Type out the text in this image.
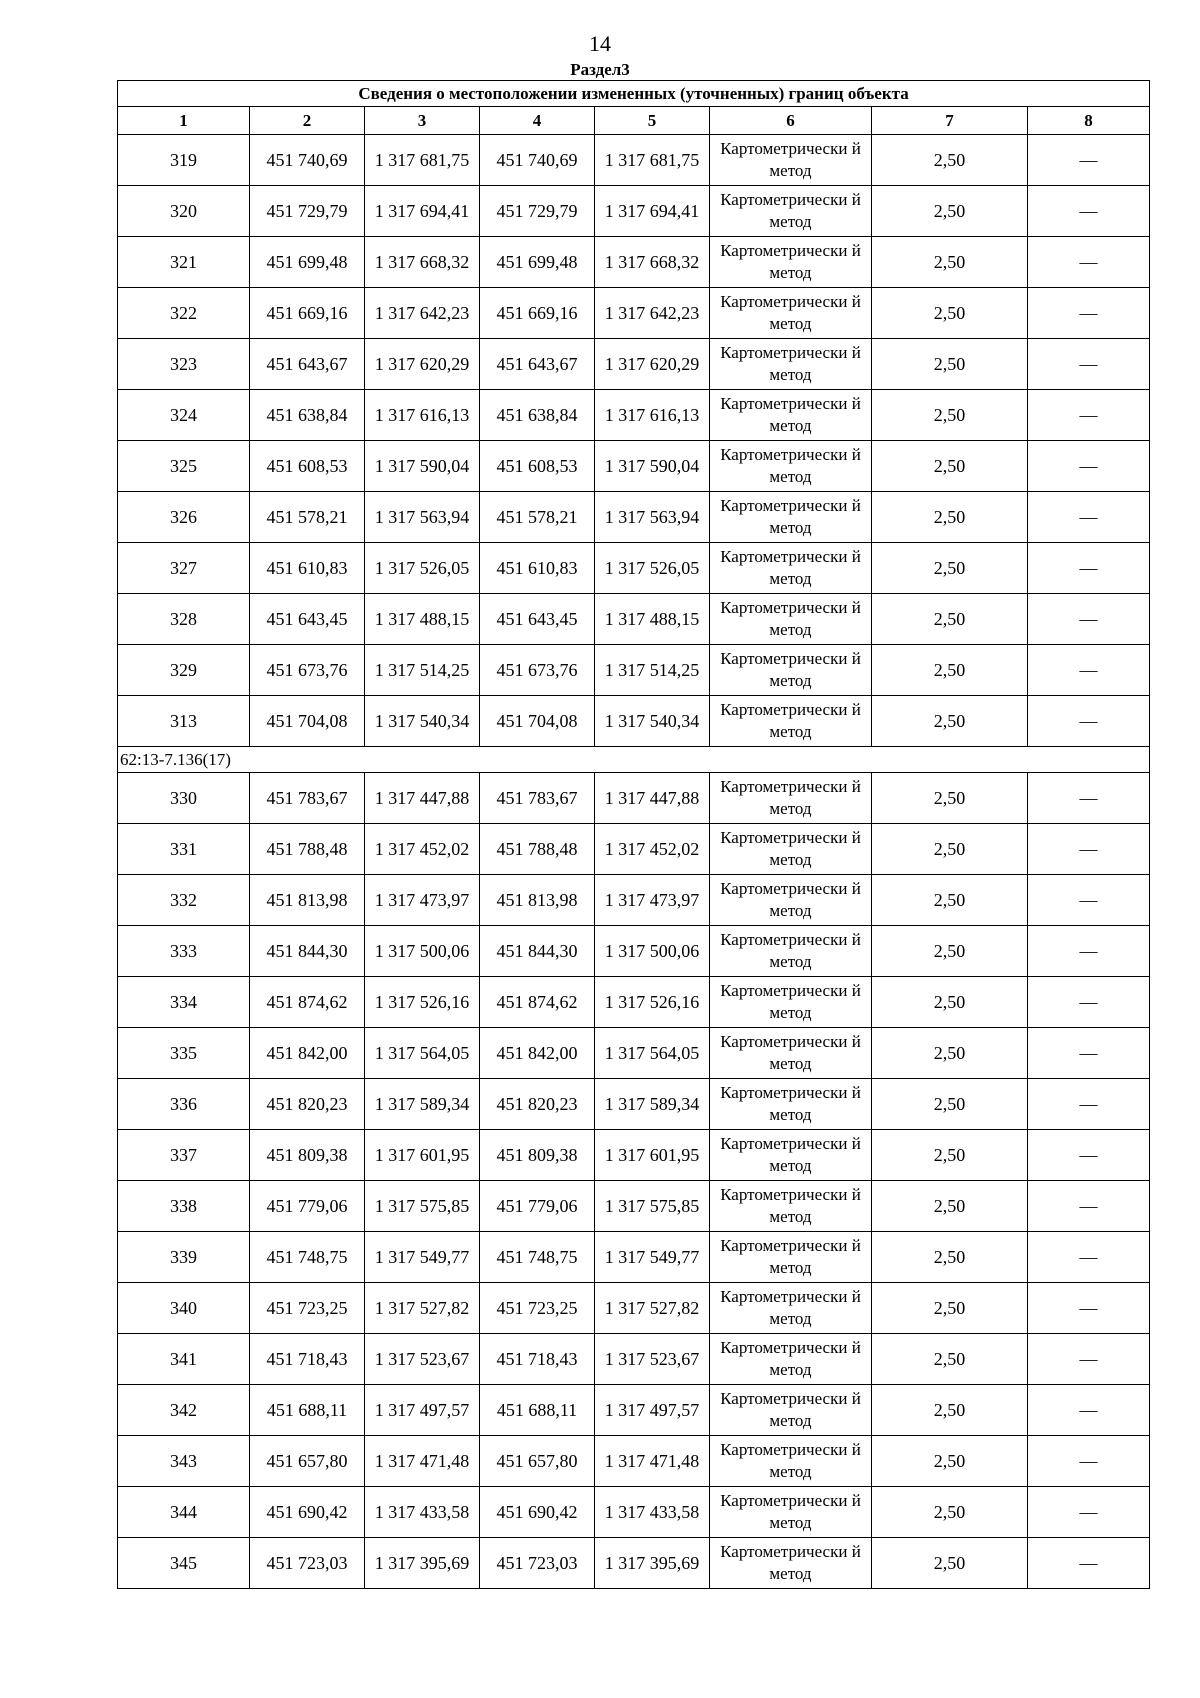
14
Раздел3
Сведения о местоположении измененных (уточненных) границ объекта							
1	2	3	4	5	6	7	8
319	451 740,69	1 317 681,75	451 740,69	1 317 681,75	Картометрически й метод	2,50	—
320	451 729,79	1 317 694,41	451 729,79	1 317 694,41	Картометрически й метод	2,50	—
321	451 699,48	1 317 668,32	451 699,48	1 317 668,32	Картометрически й метод	2,50	—
322	451 669,16	1 317 642,23	451 669,16	1 317 642,23	Картометрически й метод	2,50	—
323	451 643,67	1 317 620,29	451 643,67	1 317 620,29	Картометрически й метод	2,50	—
324	451 638,84	1 317 616,13	451 638,84	1 317 616,13	Картометрически й метод	2,50	—
325	451 608,53	1 317 590,04	451 608,53	1 317 590,04	Картометрически й метод	2,50	—
326	451 578,21	1 317 563,94	451 578,21	1 317 563,94	Картометрически й метод	2,50	—
327	451 610,83	1 317 526,05	451 610,83	1 317 526,05	Картометрически й метод	2,50	—
328	451 643,45	1 317 488,15	451 643,45	1 317 488,15	Картометрически й метод	2,50	—
329	451 673,76	1 317 514,25	451 673,76	1 317 514,25	Картометрически й метод	2,50	—
313	451 704,08	1 317 540,34	451 704,08	1 317 540,34	Картометрически й метод	2,50	—
62:13-7.136(17)							
330	451 783,67	1 317 447,88	451 783,67	1 317 447,88	Картометрически й метод	2,50	—
331	451 788,48	1 317 452,02	451 788,48	1 317 452,02	Картометрически й метод	2,50	—
332	451 813,98	1 317 473,97	451 813,98	1 317 473,97	Картометрически й метод	2,50	—
333	451 844,30	1 317 500,06	451 844,30	1 317 500,06	Картометрически й метод	2,50	—
334	451 874,62	1 317 526,16	451 874,62	1 317 526,16	Картометрически й метод	2,50	—
335	451 842,00	1 317 564,05	451 842,00	1 317 564,05	Картометрически й метод	2,50	—
336	451 820,23	1 317 589,34	451 820,23	1 317 589,34	Картометрически й метод	2,50	—
337	451 809,38	1 317 601,95	451 809,38	1 317 601,95	Картометрически й метод	2,50	—
338	451 779,06	1 317 575,85	451 779,06	1 317 575,85	Картометрически й метод	2,50	—
339	451 748,75	1 317 549,77	451 748,75	1 317 549,77	Картометрически й метод	2,50	—
340	451 723,25	1 317 527,82	451 723,25	1 317 527,82	Картометрически й метод	2,50	—
341	451 718,43	1 317 523,67	451 718,43	1 317 523,67	Картометрически й метод	2,50	—
342	451 688,11	1 317 497,57	451 688,11	1 317 497,57	Картометрически й метод	2,50	—
343	451 657,80	1 317 471,48	451 657,80	1 317 471,48	Картометрически й метод	2,50	—
344	451 690,42	1 317 433,58	451 690,42	1 317 433,58	Картометрически й метод	2,50	—
345	451 723,03	1 317 395,69	451 723,03	1 317 395,69	Картометрически й метод	2,50	—
